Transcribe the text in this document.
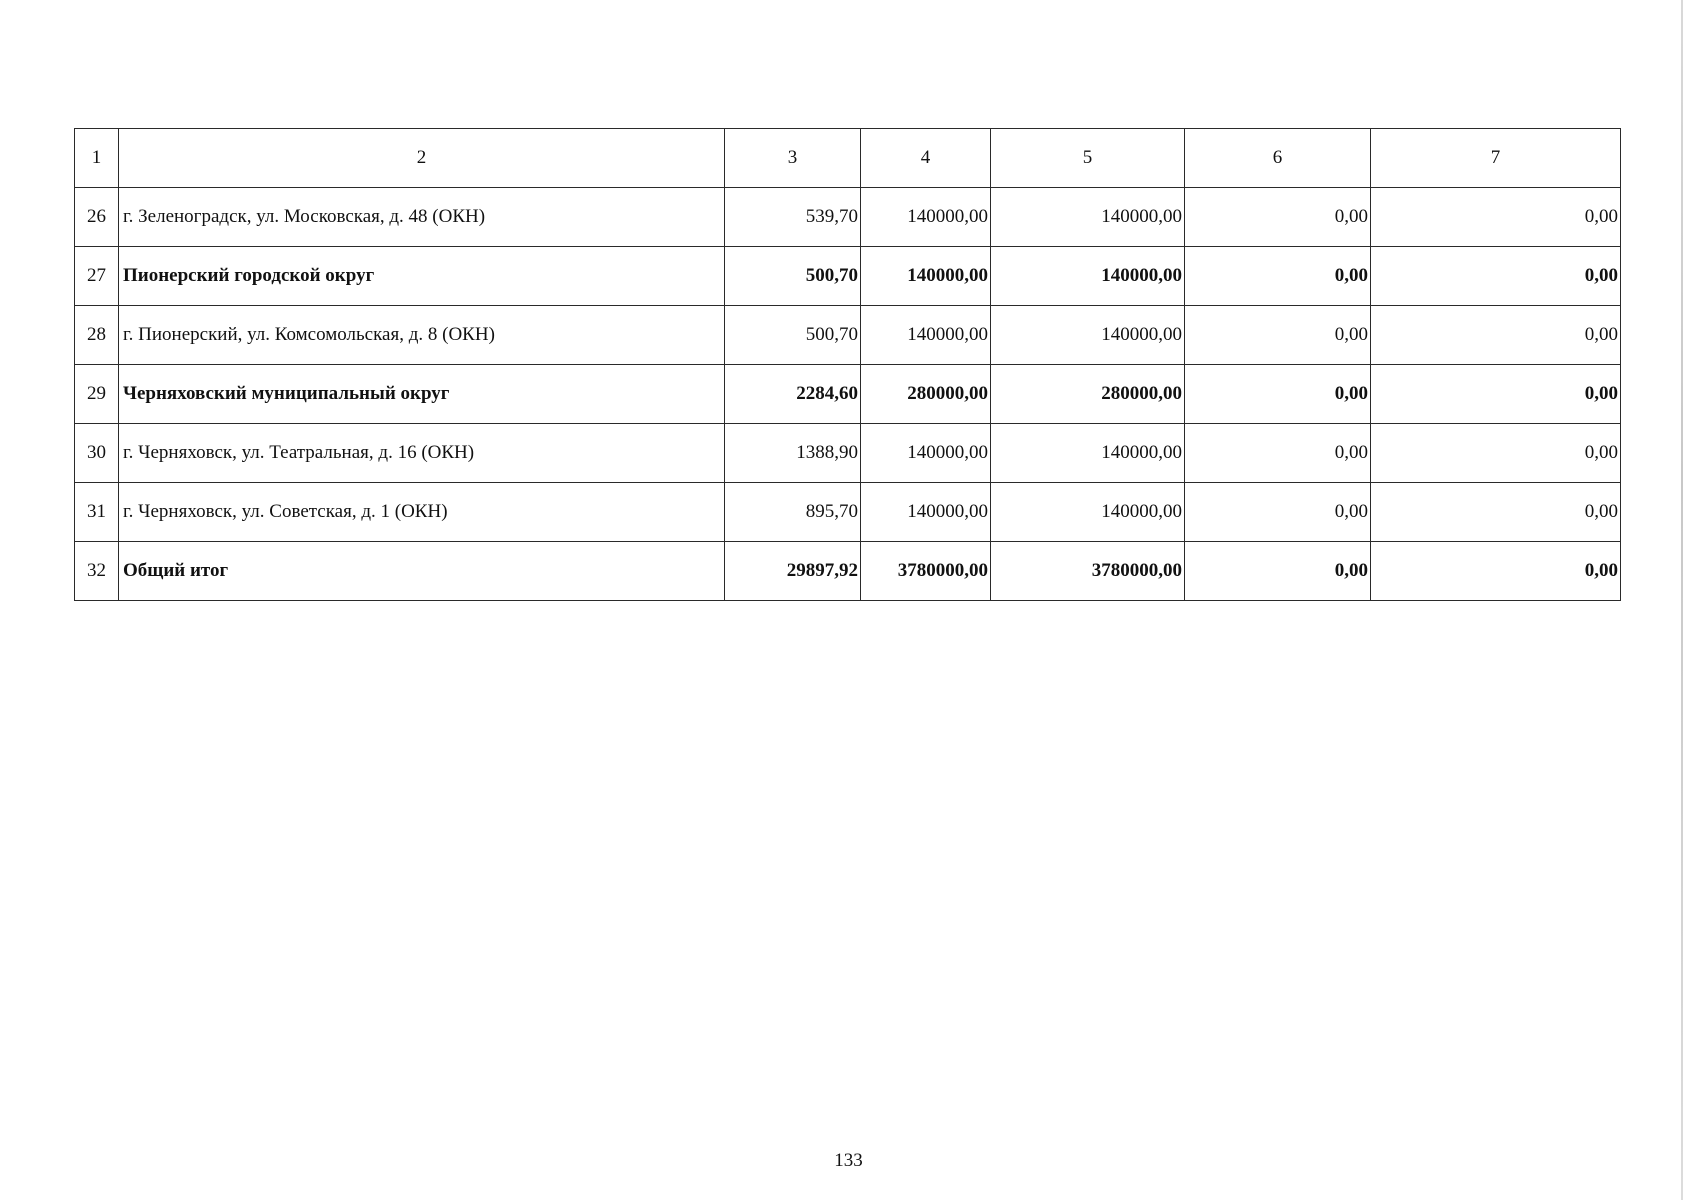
1	2	3	4	5	6	7
26	г. Зеленоградск, ул. Московская, д. 48 (ОКН)	539,70	140000,00	140000,00	0,00	0,00
27	Пионерский городской округ	500,70	140000,00	140000,00	0,00	0,00
28	г. Пионерский, ул. Комсомольская, д. 8 (ОКН)	500,70	140000,00	140000,00	0,00	0,00
29	Черняховский муниципальный округ	2284,60	280000,00	280000,00	0,00	0,00
30	г. Черняховск, ул. Театральная, д. 16 (ОКН)	1388,90	140000,00	140000,00	0,00	0,00
31	г. Черняховск, ул. Советская, д. 1 (ОКН)	895,70	140000,00	140000,00	0,00	0,00
32	Общий итог	29897,92	3780000,00	3780000,00	0,00	0,00
133
